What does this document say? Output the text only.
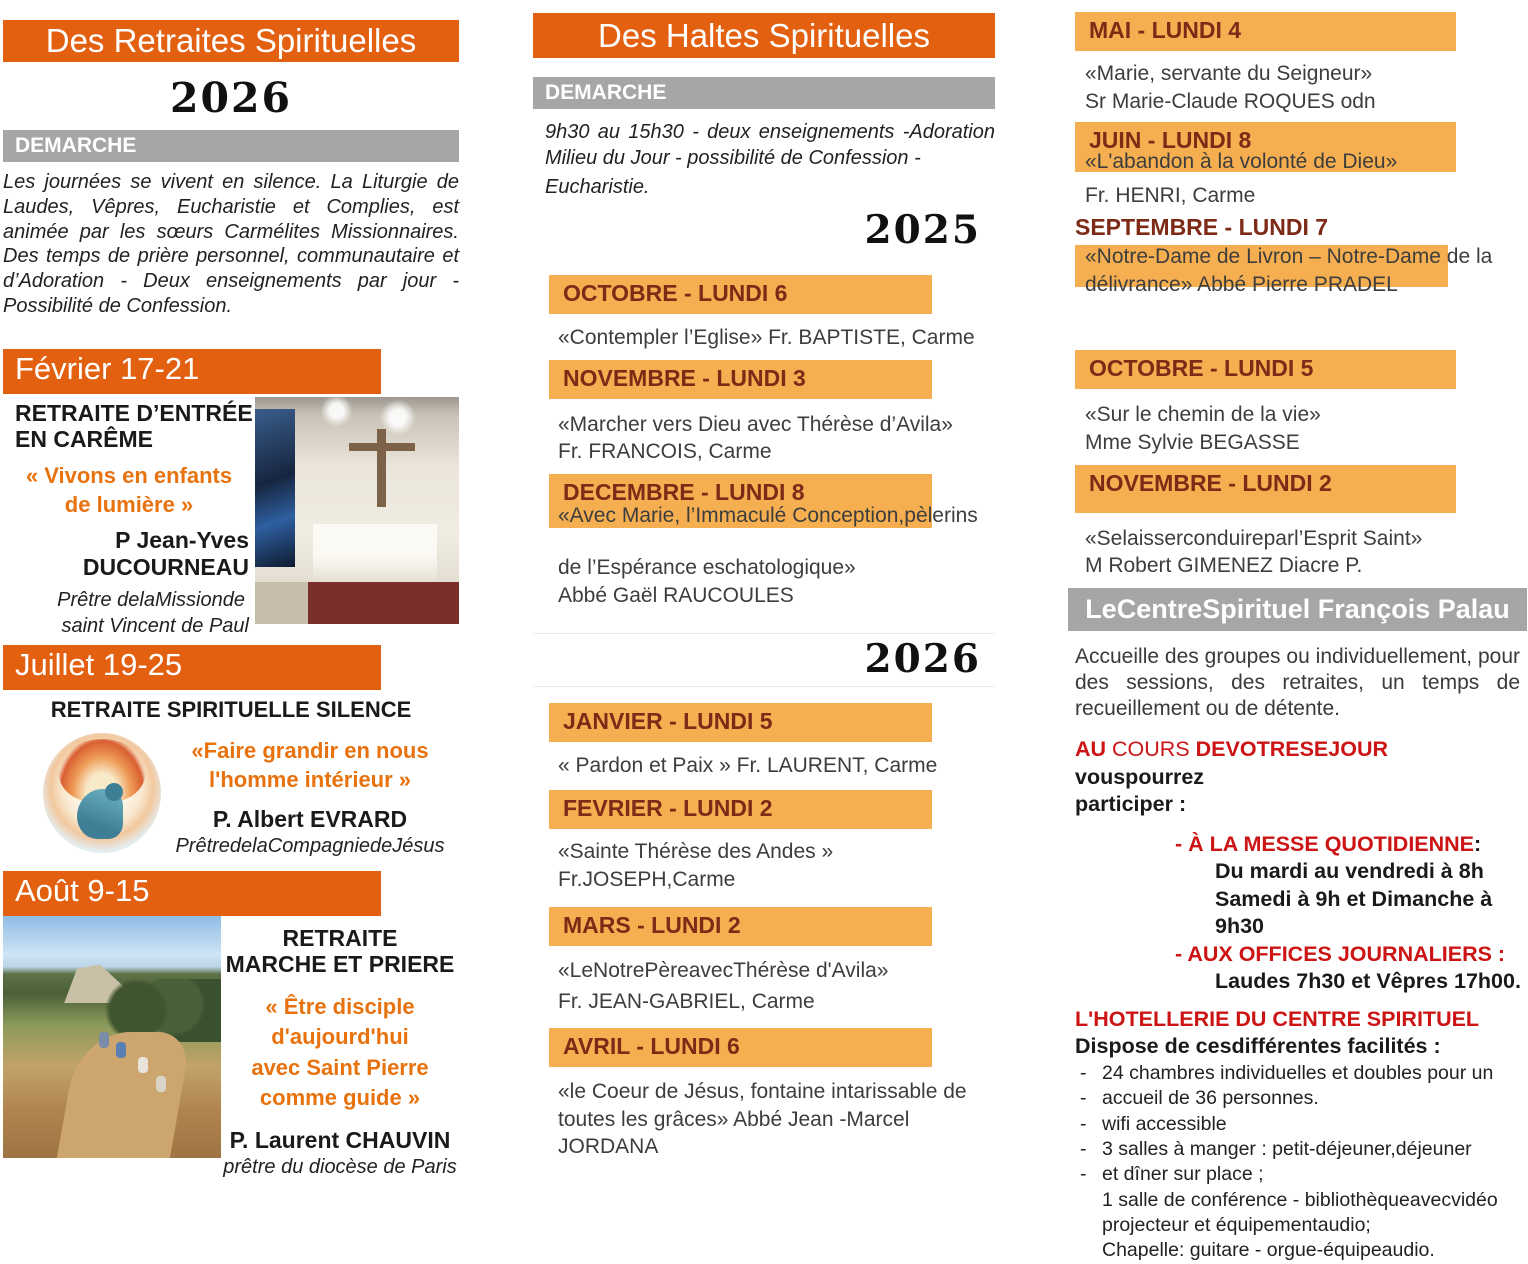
Des Retraites Spirituelles
2026
DEMARCHE
Les journées se vivent en silence. La Liturgie de Laudes, Vêpres, Eucharistie et Complies, est animée par les sœurs Carmélites Missionnaires. Des temps de prière personnel, communautaire et d’Adoration - Deux enseignements par jour - Possibilité de Confession.
Février 17-21
RETRAITE D’ENTRÉE
EN CARÊME
« Vivons en enfants
de lumière »
P Jean-Yves
DUCOURNEAU
Prêtre delaMissionde
saint Vincent de Paul
Juillet 19-25
RETRAITE SPIRITUELLE SILENCE
«Faire grandir en nous
l'homme intérieur »
P. Albert EVRARD
PrêtredelaCompagniedeJésus
Août 9-15
RETRAITE
MARCHE ET PRIERE
« Être disciple
d'aujourd'hui
avec Saint Pierre
comme guide »
P. Laurent CHAUVIN
prêtre du diocèse de Paris
Des Haltes Spirituelles
DEMARCHE
9h30 au 15h30 - deux enseignements -Adoration
Milieu du Jour - possibilité de Confession -
Eucharistie.
2025
OCTOBRE - LUNDI 6
«Contempler l’Eglise» Fr. BAPTISTE, Carme
NOVEMBRE - LUNDI 3
«Marcher vers Dieu avec Thérèse d’Avila»
Fr. FRANCOIS, Carme
DECEMBRE - LUNDI 8
«Avec Marie, l’Immaculé Conception,pèlerins
de l’Espérance eschatologique»
Abbé Gaël RAUCOULES
2026
JANVIER - LUNDI 5
« Pardon et Paix » Fr. LAURENT, Carme
FEVRIER - LUNDI 2
«Sainte Thérèse des Andes »
Fr.JOSEPH,Carme
MARS - LUNDI 2
«LeNotrePèreavecThérèse d'Avila»
Fr. JEAN-GABRIEL, Carme
AVRIL - LUNDI 6
«le Coeur de Jésus, fontaine intarissable de
toutes les grâces» Abbé Jean -Marcel JORDANA
MAI - LUNDI 4
«Marie, servante du Seigneur»
Sr Marie-Claude ROQUES odn
JUIN - LUNDI 8
«L'abandon à la volonté de Dieu»
Fr. HENRI, Carme
SEPTEMBRE - LUNDI 7
«Notre-Dame de Livron – Notre-Dame de la
délivrance» Abbé Pierre PRADEL
OCTOBRE - LUNDI 5
«Sur le chemin de la vie»
Mme Sylvie BEGASSE
NOVEMBRE - LUNDI 2
«Selaisserconduireparl’Esprit Saint»
M Robert GIMENEZ Diacre P.
LeCentreSpirituel François Palau
Accueille des groupes ou individuellement, pour des sessions, des retraites, un temps de recueillement ou de détente.
AU COURS DEVOTRESEJOUR vouspourrez
participer :
- À LA MESSE QUOTIDIENNE:
Du mardi au vendredi à 8h
Samedi à 9h et Dimanche à 9h30
- AUX OFFICES JOURNALIERS :
Laudes 7h30 et Vêpres 17h00.
L'HOTELLERIE DU CENTRE SPIRITUEL
Dispose de cesdifférentes facilités :
- 24 chambres individuelles et doubles pour un
- accueil de 36 personnes.
- wifi accessible
- 3 salles à manger : petit-déjeuner,déjeuner
- et dîner sur place ;
1 salle de conférence - bibliothèqueavecvidéo
projecteur et équipementaudio;
Chapelle: guitare - orgue-équipeaudio.
